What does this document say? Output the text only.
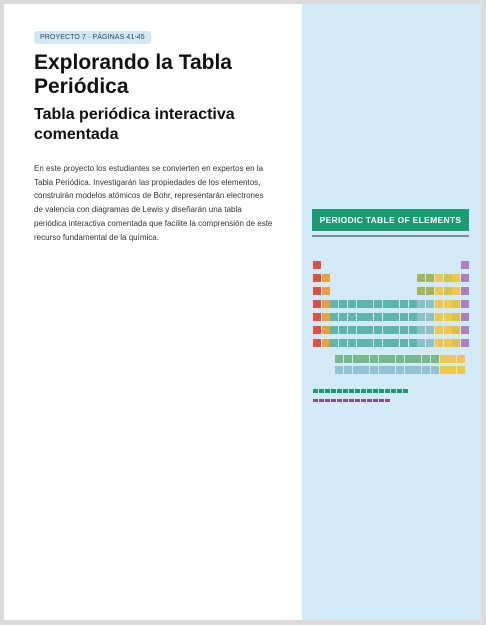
PROYECTO 7 · PÁGINAS 41-45
Explorando la Tabla Periódica
Tabla periódica interactiva comentada

En este proyecto los estudiantes se convierten en expertos en la Tabla Periódica. Investigarán las propiedades de los elementos, construirán modelos atómicos de Bohr, representarán electrones de valencia con diagramas de Lewis y diseñarán una tabla periódica interactiva comentada que facilite la comprensión de este recurso fundamental de la química.

PERIODIC TABLE OF ELEMENTS
